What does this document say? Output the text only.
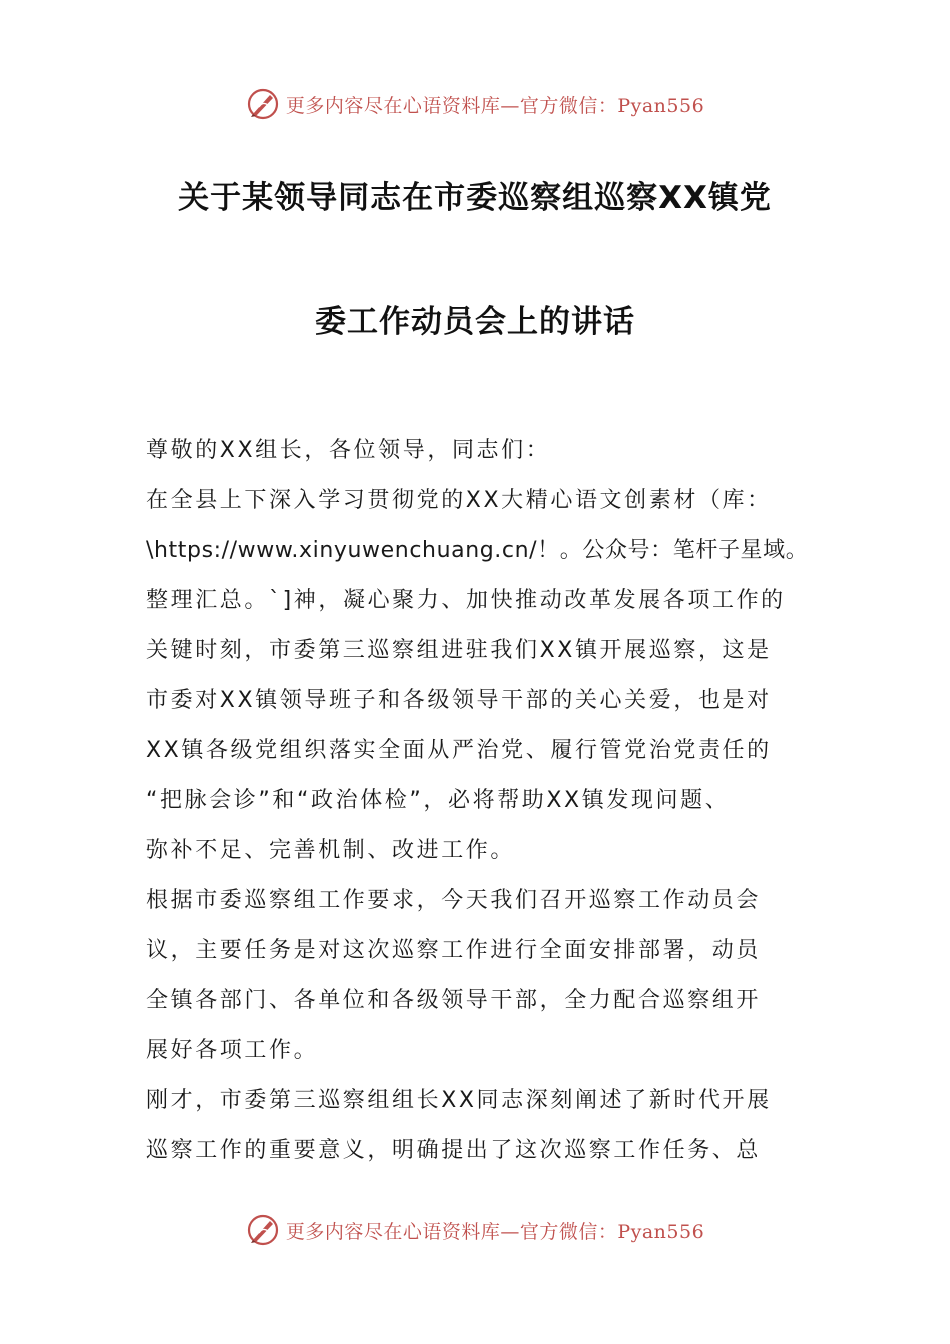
更多内容尽在心语资料库—官方微信：Pyan556
关于某领导同志在市委巡察组巡察XX镇党
委工作动员会上的讲话
尊敬的XX组长，各位领导，同志们：
在全县上下深入学习贯彻党的XX大精心语文创素材（库：
\https://www.xinyuwenchuang.cn/！。公众号：笔杆子星域。
整理汇总。`]神，凝心聚力、加快推动改革发展各项工作的
关键时刻，市委第三巡察组进驻我们XX镇开展巡察，这是
市委对XX镇领导班子和各级领导干部的关心关爱，也是对
XX镇各级党组织落实全面从严治党、履行管党治党责任的
“把脉会诊”和“政治体检”，必将帮助XX镇发现问题、
弥补不足、完善机制、改进工作。
根据市委巡察组工作要求，今天我们召开巡察工作动员会
议，主要任务是对这次巡察工作进行全面安排部署，动员
全镇各部门、各单位和各级领导干部，全力配合巡察组开
展好各项工作。
刚才，市委第三巡察组组长XX同志深刻阐述了新时代开展
巡察工作的重要意义，明确提出了这次巡察工作任务、总
更多内容尽在心语资料库—官方微信：Pyan556
